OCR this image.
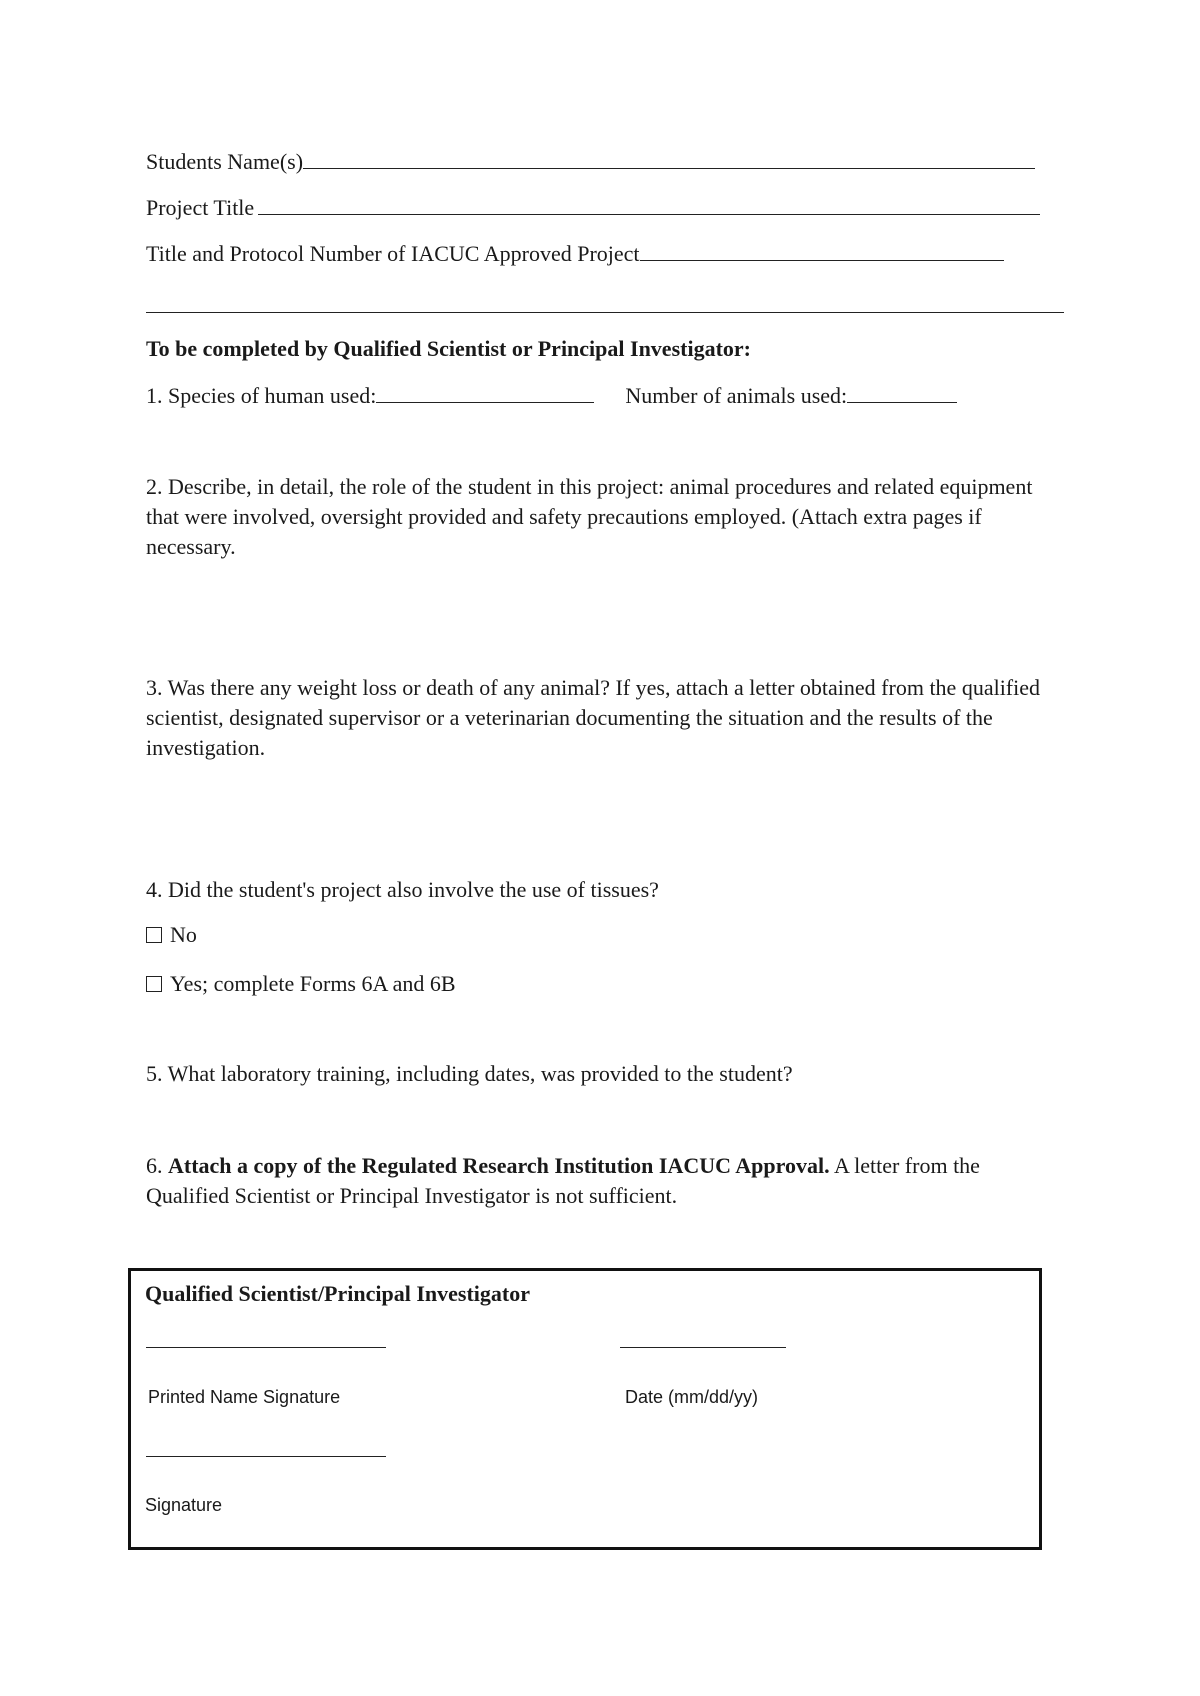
Students Name(s)
Project Title
Title and Protocol Number of IACUC Approved Project
To be completed by Qualified Scientist or Principal Investigator:
1. Species of human used:	Number of animals used:
2. Describe, in detail, the role of the student in this project: animal procedures and related equipment that were involved, oversight provided and safety precautions employed. (Attach extra pages if necessary.
3. Was there any weight loss or death of any animal? If yes, attach a letter obtained from the qualified scientist, designated supervisor or a veterinarian documenting the situation and the results of the investigation.
4. Did the student's project also involve the use of tissues?
No
Yes; complete Forms 6A and 6B
5. What laboratory training, including dates, was provided to the student?
6. Attach a copy of the Regulated Research Institution IACUC Approval. A letter from the Qualified Scientist or Principal Investigator is not sufficient.
Qualified Scientist/Principal Investigator
Printed Name Signature	Date (mm/dd/yy)
Signature
